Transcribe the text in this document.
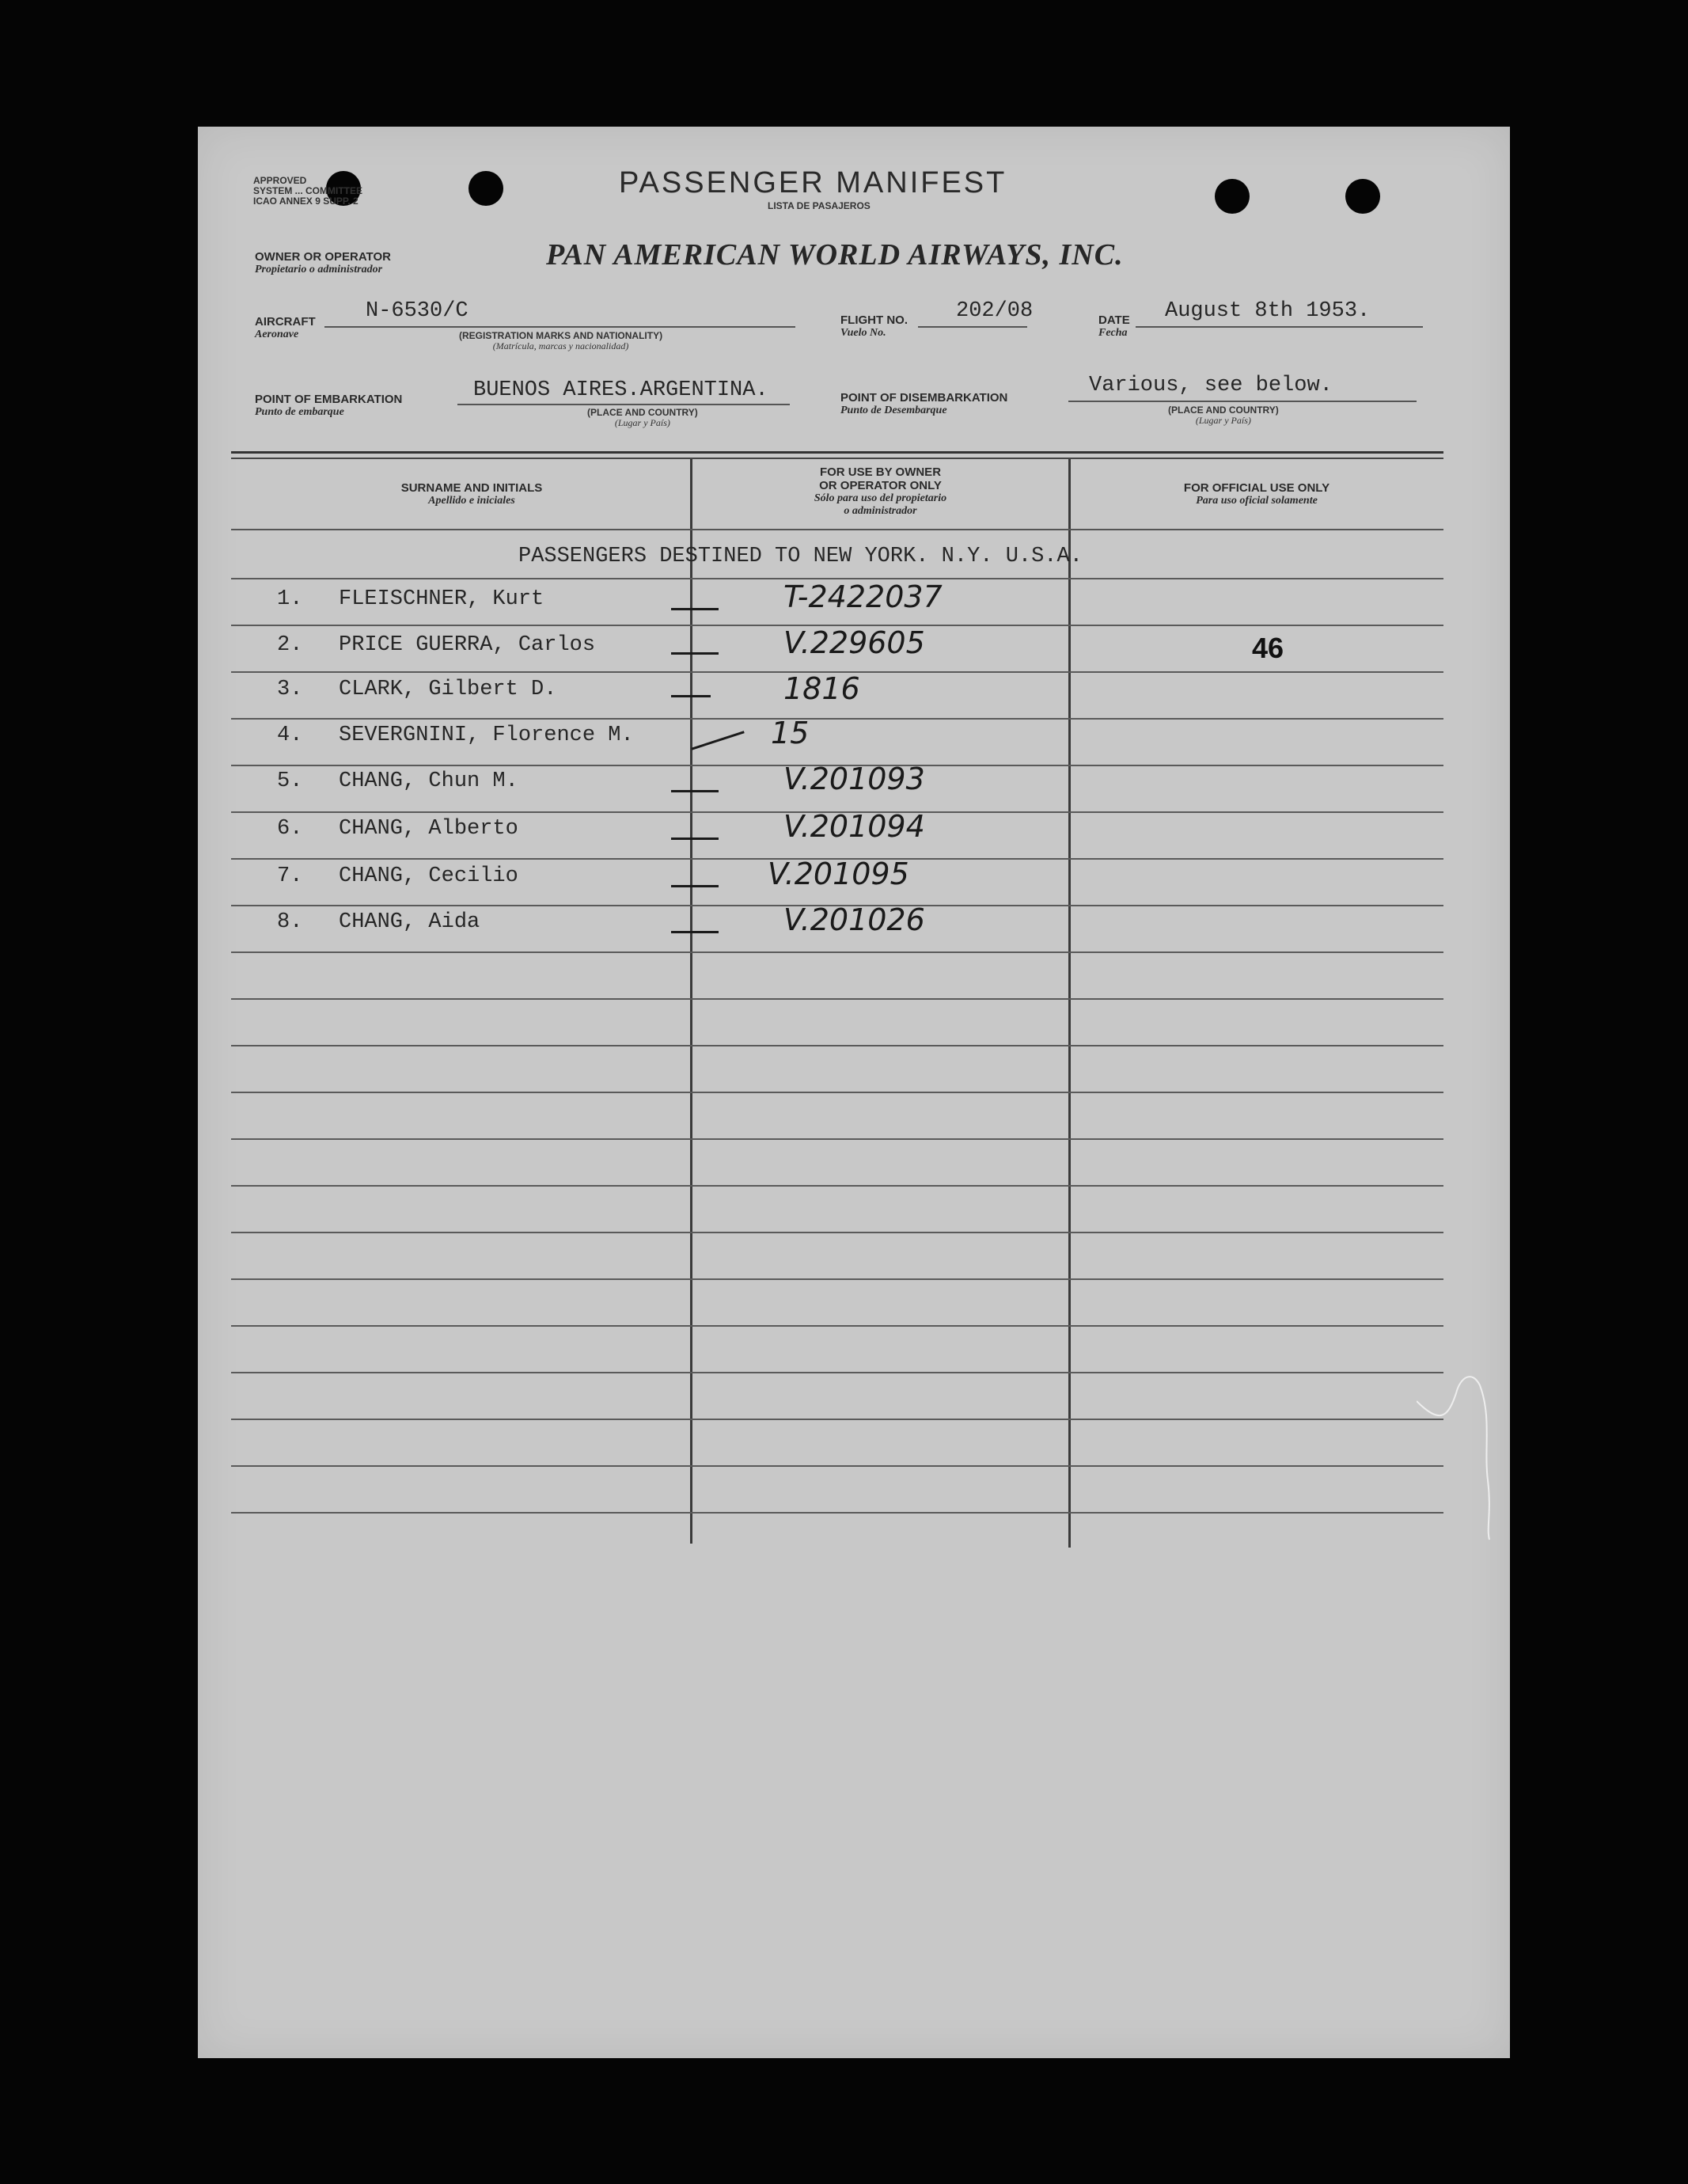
APPROVED
SYSTEM ... COMMITTEE
ICAO ANNEX 9 SUPP. 2
PASSENGER MANIFEST
LISTA DE PASAJEROS
OWNER OR OPERATOR
Propietario o administrador	PAN AMERICAN WORLD AIRWAYS, INC.
AIRCRAFT
Aeronave
N-6530/C
(REGISTRATION MARKS AND NATIONALITY)
(Matrícula, marcas y nacionalidad)
FLIGHT NO.
Vuelo No.
202/08	DATE
Fecha
August 8th 1953.
POINT OF EMBARKATION
Punto de embarque
BUENOS AIRES.ARGENTINA.
(PLACE AND COUNTRY)
(Lugar y País)
POINT OF DISEMBARKATION
Punto de Desembarque
Various, see below.
(PLACE AND COUNTRY)
(Lugar y País)
SURNAME AND INITIALS
Apellido e iniciales
FOR USE BY OWNER
OR OPERATOR ONLY
Sólo para uso del propietario
o administrador
FOR OFFICIAL USE ONLY
Para uso oficial solamente
PASSENGERS DESTINED TO NEW YORK. N.Y. U.S.A.
1. FLEISCHNER, Kurt	T-2422037
2. PRICE GUERRA, Carlos	V.229605	46
3. CLARK, Gilbert D.	1816
4. SEVERGNINI, Florence M.	15
5. CHANG, Chun M.	V.201093
6. CHANG, Alberto	V.201094
7. CHANG, Cecilio	V.201095
8. CHANG, Aida	V.201026
